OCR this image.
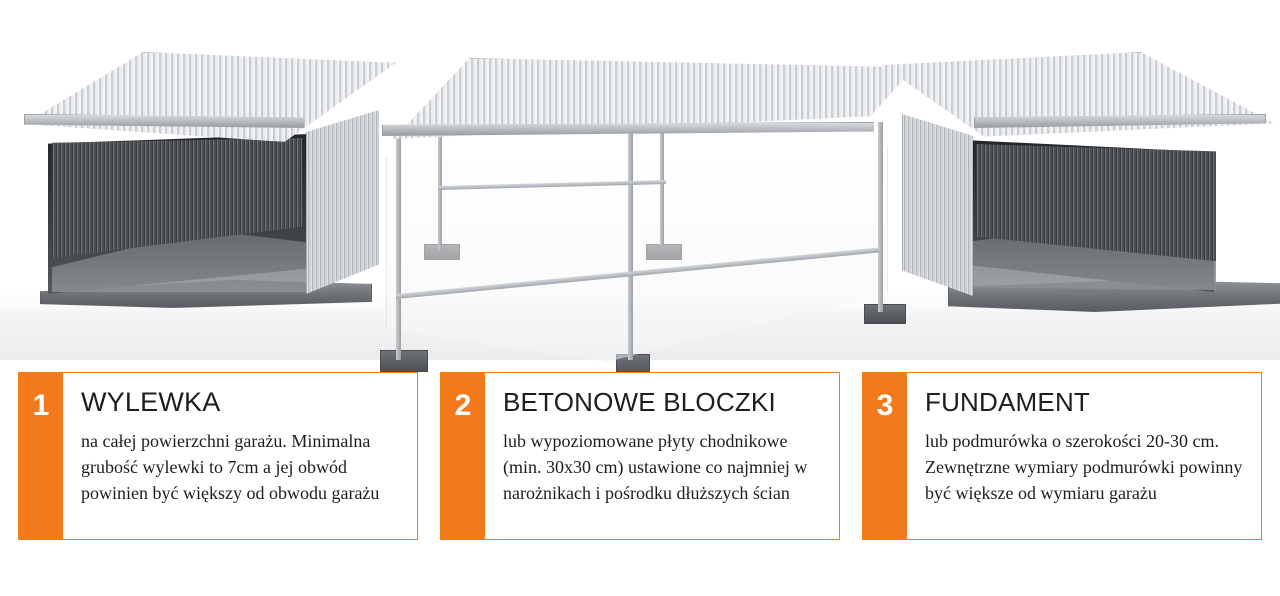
1	WYLEWKA

na całej powierzchni garażu. Minimalna grubość wylewki to 7cm a jej obwód powinien być większy od obwodu garażu

2	BETONOWE BLOCZKI

lub wypoziomowane płyty chodnikowe (min. 30x30 cm) ustawione co najmniej w narożnikach i pośrodku dłuższych ścian

3	FUNDAMENT

lub podmurówka o szerokości 20-30 cm. Zewnętrzne wymiary podmurówki powinny być większe od wymiaru garażu
